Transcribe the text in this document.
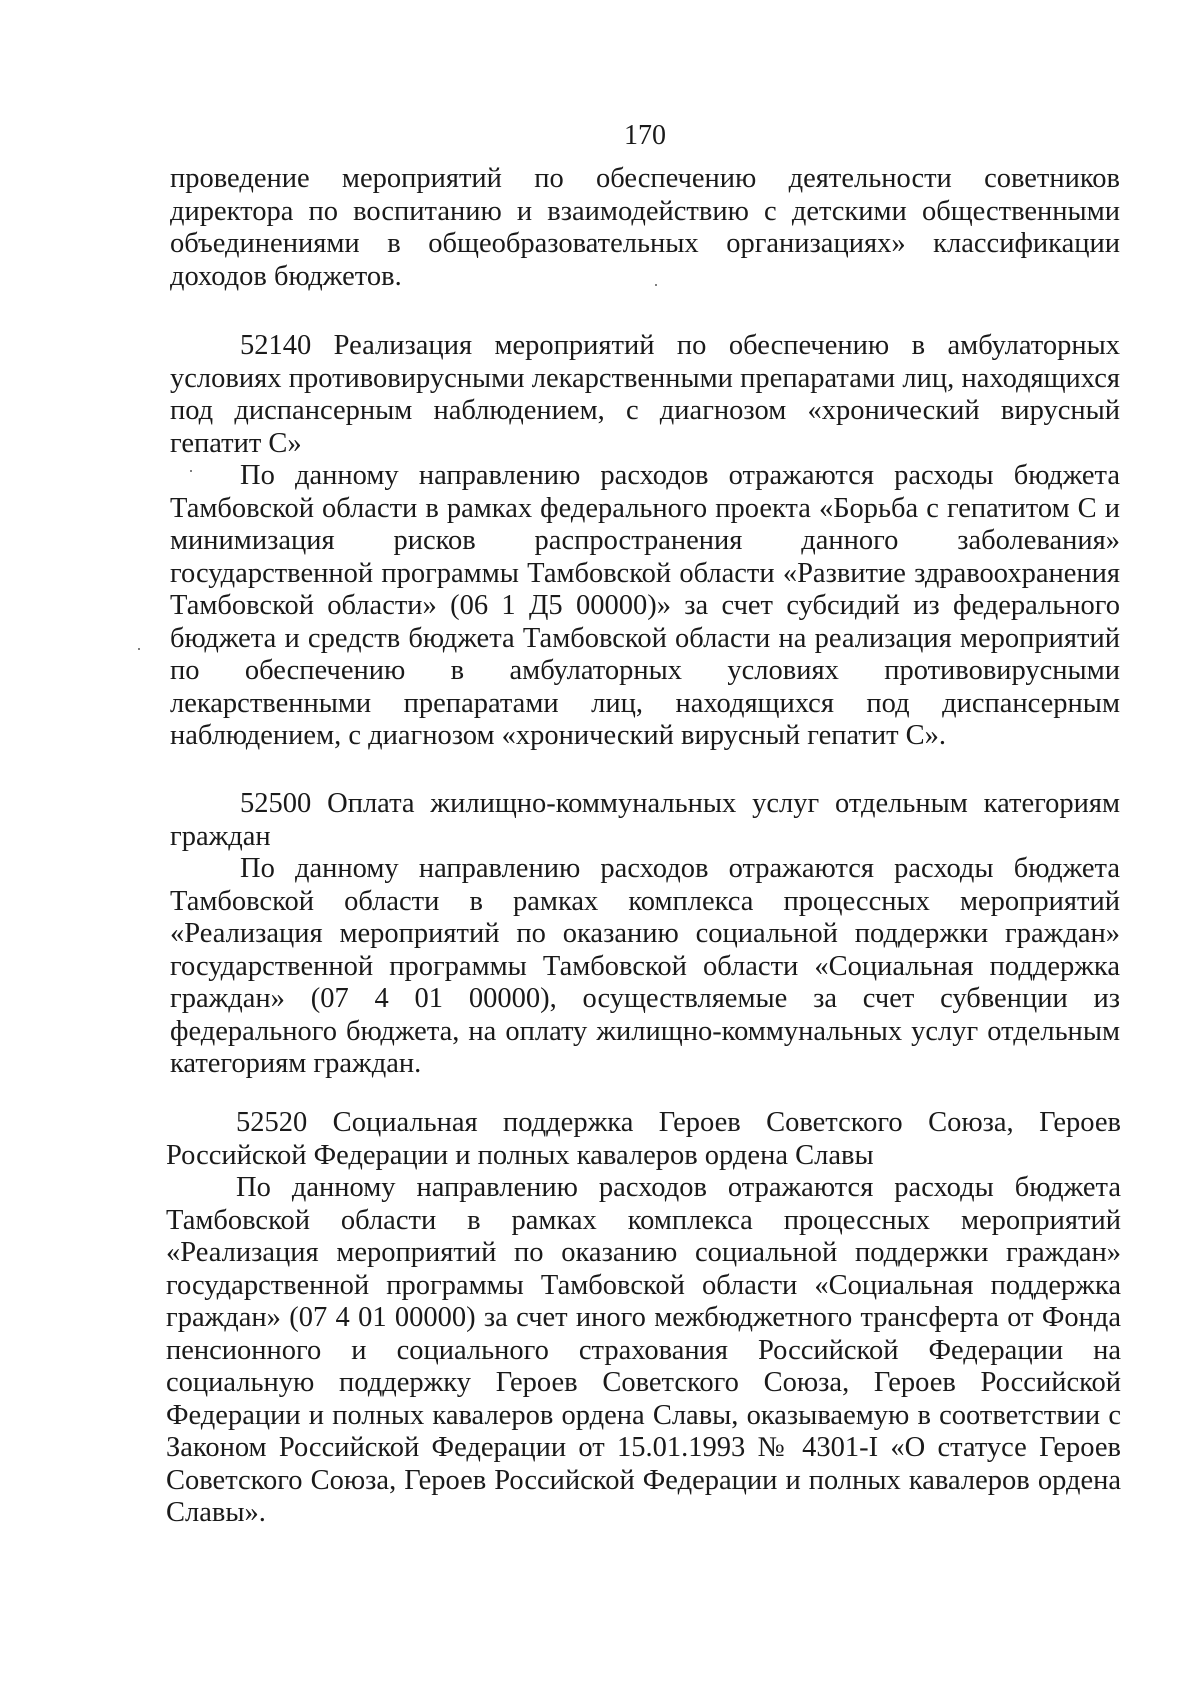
170

проведение мероприятий по обеспечению деятельности советников директора по воспитанию и взаимодействию с детскими общественными объединениями в общеобразовательных организациях» классификации доходов бюджетов.

52140 Реализация мероприятий по обеспечению в амбулаторных условиях противовирусными лекарственными препаратами лиц, находящихся под диспансерным наблюдением, с диагнозом «хронический вирусный гепатит С»

По данному направлению расходов отражаются расходы бюджета Тамбовской области в рамках федерального проекта «Борьба с гепатитом С и минимизация рисков распространения данного заболевания» государственной программы Тамбовской области «Развитие здравоохранения Тамбовской области» (06 1 Д5 00000)» за счет субсидий из федерального бюджета и средств бюджета Тамбовской области на реализация мероприятий по обеспечению в амбулаторных условиях противовирусными лекарственными препаратами лиц, находящихся под диспансерным наблюдением, с диагнозом «хронический вирусный гепатит С».

52500 Оплата жилищно-коммунальных услуг отдельным категориям граждан

По данному направлению расходов отражаются расходы бюджета Тамбовской области в рамках комплекса процессных мероприятий «Реализация мероприятий по оказанию социальной поддержки граждан» государственной программы Тамбовской области «Социальная поддержка граждан» (07 4 01 00000), осуществляемые за счет субвенции из федерального бюджета, на оплату жилищно-коммунальных услуг отдельным категориям граждан.

52520 Социальная поддержка Героев Советского Союза, Героев Российской Федерации и полных кавалеров ордена Славы

По данному направлению расходов отражаются расходы бюджета Тамбовской области в рамках комплекса процессных мероприятий «Реализация мероприятий по оказанию социальной поддержки граждан» государственной программы Тамбовской области «Социальная поддержка граждан» (07 4 01 00000) за счет иного межбюджетного трансферта от Фонда пенсионного и социального страхования Российской Федерации на социальную поддержку Героев Советского Союза, Героев Российской Федерации и полных кавалеров ордена Славы, оказываемую в соответствии с Законом Российской Федерации от 15.01.1993 № 4301-I «О статусе Героев Советского Союза, Героев Российской Федерации и полных кавалеров ордена Славы».
